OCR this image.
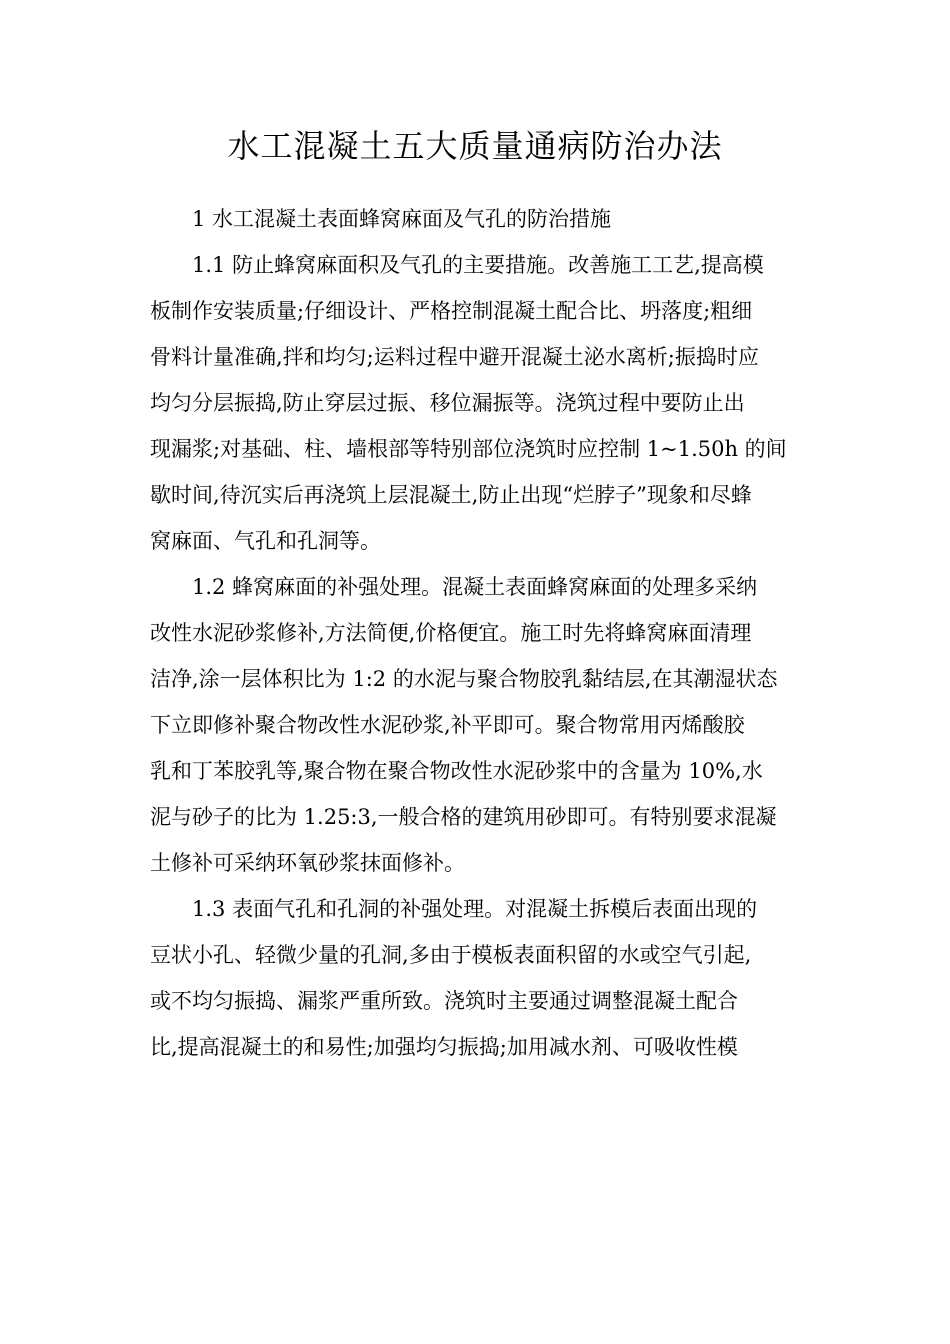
水工混凝土五大质量通病防治办法
1 水工混凝土表面蜂窝麻面及气孔的防治措施
1.1 防止蜂窝麻面积及气孔的主要措施。改善施工工艺,提高模
板制作安装质量;仔细设计、严格控制混凝土配合比、坍落度;粗细
骨料计量准确,拌和均匀;运料过程中避开混凝土泌水离析;振捣时应
均匀分层振捣,防止穿层过振、移位漏振等。浇筑过程中要防止出
现漏浆;对基础、柱、墙根部等特别部位浇筑时应控制 1~1.50h 的间
歇时间,待沉实后再浇筑上层混凝土,防止出现“烂脖子”现象和尽蜂
窝麻面、气孔和孔洞等。
1.2 蜂窝麻面的补强处理。混凝土表面蜂窝麻面的处理多采纳
改性水泥砂浆修补,方法简便,价格便宜。施工时先将蜂窝麻面清理
洁净,涂一层体积比为 1:2 的水泥与聚合物胶乳黏结层,在其潮湿状态
下立即修补聚合物改性水泥砂浆,补平即可。聚合物常用丙烯酸胶
乳和丁苯胶乳等,聚合物在聚合物改性水泥砂浆中的含量为 10%,水
泥与砂子的比为 1.25:3,一般合格的建筑用砂即可。有特别要求混凝
土修补可采纳环氧砂浆抹面修补。
1.3 表面气孔和孔洞的补强处理。对混凝土拆模后表面出现的
豆状小孔、轻微少量的孔洞,多由于模板表面积留的水或空气引起,
或不均匀振捣、漏浆严重所致。浇筑时主要通过调整混凝土配合
比,提高混凝土的和易性;加强均匀振捣;加用减水剂、可吸收性模
